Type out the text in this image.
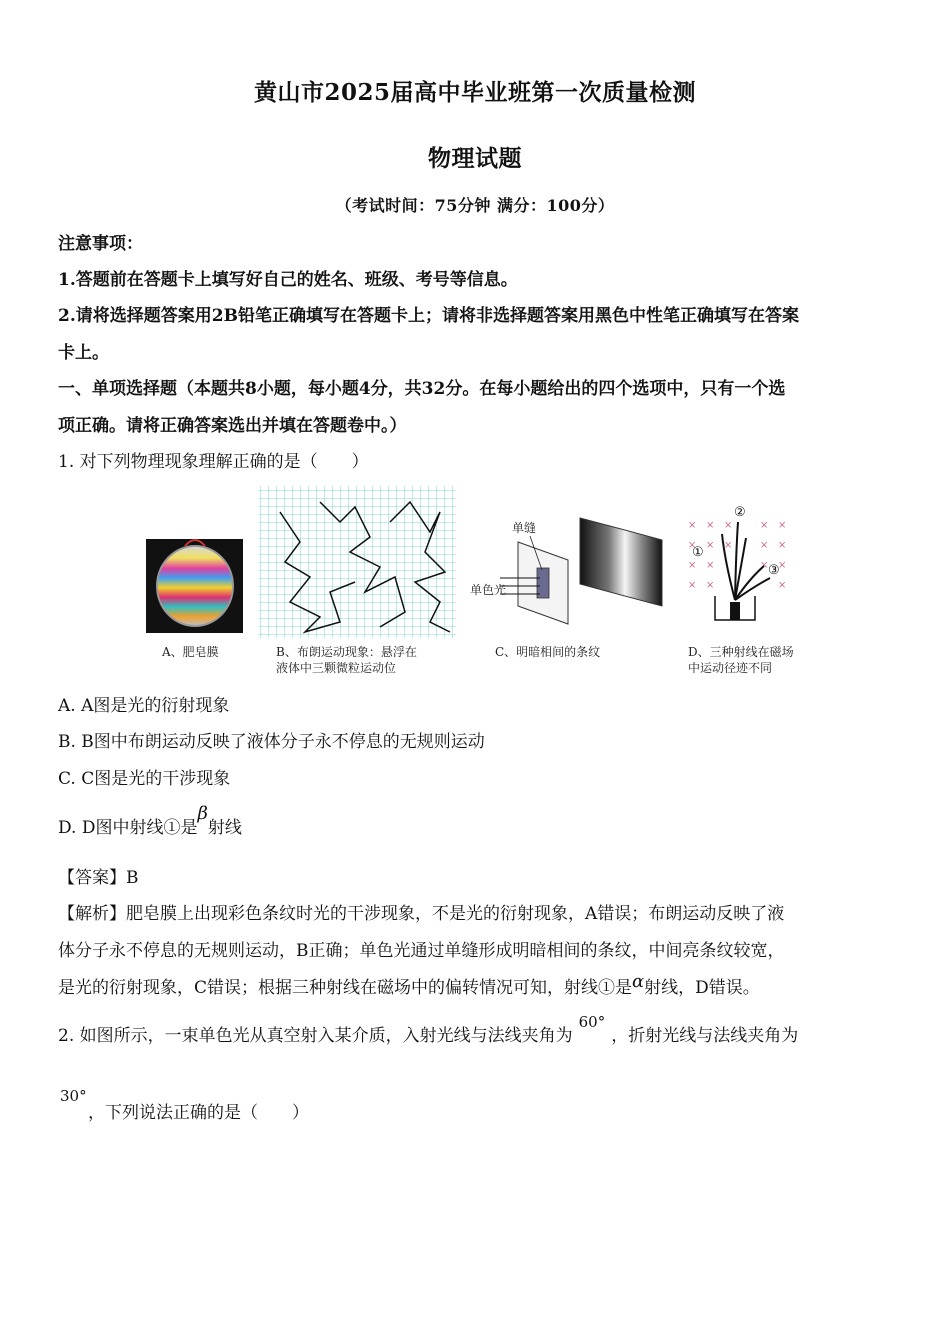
黄山市2025届高中毕业班第一次质量检测
物理试题
（考试时间：75分钟 满分：100分）
注意事项：
1.答题前在答题卡上填写好自己的姓名、班级、考号等信息。
2.请将选择题答案用2B铅笔正确填写在答题卡上；请将非选择题答案用黑色中性笔正确填写在答案
卡上。
一、单项选择题（本题共8小题，每小题4分，共32分。在每小题给出的四个选项中，只有一个选
项正确。请将正确答案选出并填在答题卷中。）
1. 对下列物理现象理解正确的是（　　）
单缝
单色光
× × ×	× ×
× × ×	× ×
× ×	× ×
× ×	×
②
①
③
A、肥皂膜	B、布朗运动现象：悬浮在
液体中三颗微粒运动位
C、明暗相间的条纹	D、三种射线在磁场
中运动径迹不同
A. A图是光的衍射现象
B. B图中布朗运动反映了液体分子永不停息的无规则运动
C. C图是光的干涉现象
D. D图中射线①是β射线
【答案】B
【解析】肥皂膜上出现彩色条纹时光的干涉现象，不是光的衍射现象，A错误；布朗运动反映了液
体分子永不停息的无规则运动，B正确；单色光通过单缝形成明暗相间的条纹，中间亮条纹较宽，
是光的衍射现象，C错误；根据三种射线在磁场中的偏转情况可知，射线①是α射线，D错误。
2. 如图所示，一束单色光从真空射入某介质，入射光线与法线夹角为60°，折射光线与法线夹角为
30°
，下列说法正确的是（　　）
